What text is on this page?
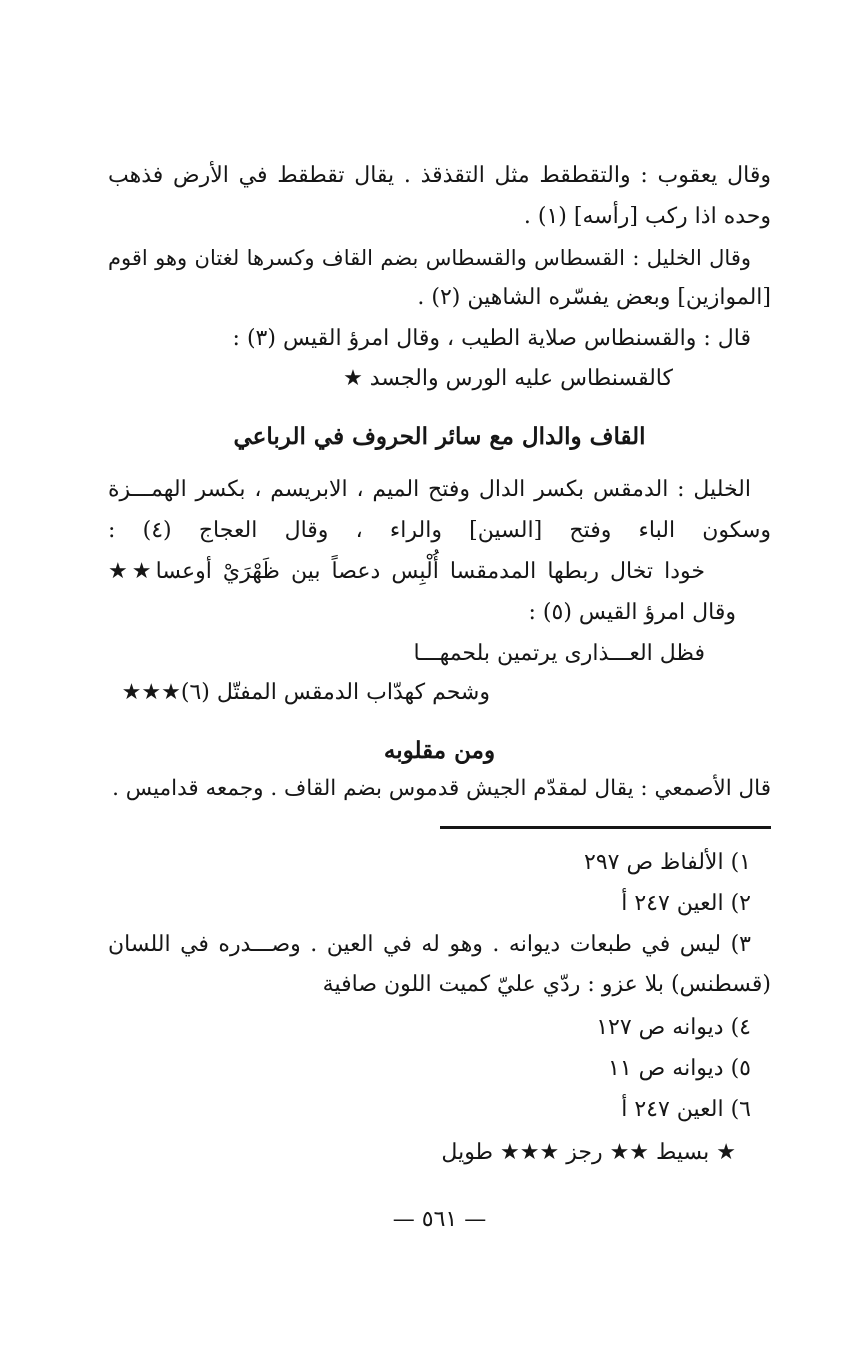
وقال يعقوب : والتقطقط مثل التقذقذ . يقال تقطقط في الأرض فذهب
وحده اذا ركب [رأسه] (١) .
وقال الخليل : القسطاس والقسطاس بضم القاف وكسرها لغتان وهو اقوم
[الموازين] وبعض يفسّره الشاهين (٢) .
قال : والقسنطاس صلاية الطيب ، وقال امرؤ القيس (٣) :
كالقسنطاس عليه الورس والجسد ★
القاف والدال مع سائر الحروف في الرباعي
الخليل : الدمقس بكسر الدال وفتح الميم ، الابريسم ، بكسر الهمـــزة
وسكون الباء وفتح [السين] والراء ، وقال العجاج (٤) :
خودا تخال ربطها المدمقسا أُلْبِس دعصاً بين ظَهْرَيْ أوعسا★★
وقال امرؤ القيس (٥) :
فظل العـــذارى يرتمين بلحمهـــا
وشحم كهدّاب الدمقس المفتّل (٦)★★★
ومن مقلوبه
قال الأصمعي : يقال لمقدّم الجيش قدموس بضم القاف . وجمعه قداميس .
١) الألفاظ ص ٢٩٧
٢) العين ٢٤٧ أ
٣) ليس في طبعات ديوانه . وهو له في العين . وصـــدره في اللسان
(قسطنس) بلا عزو : ردّي عليّ كميت اللون صافية
٤) ديوانه ص ١٢٧
٥) ديوانه ص ١١
٦) العين ٢٤٧ أ
★ بسيط ★★ رجز ★★★ طويل
— ٥٦١ —
